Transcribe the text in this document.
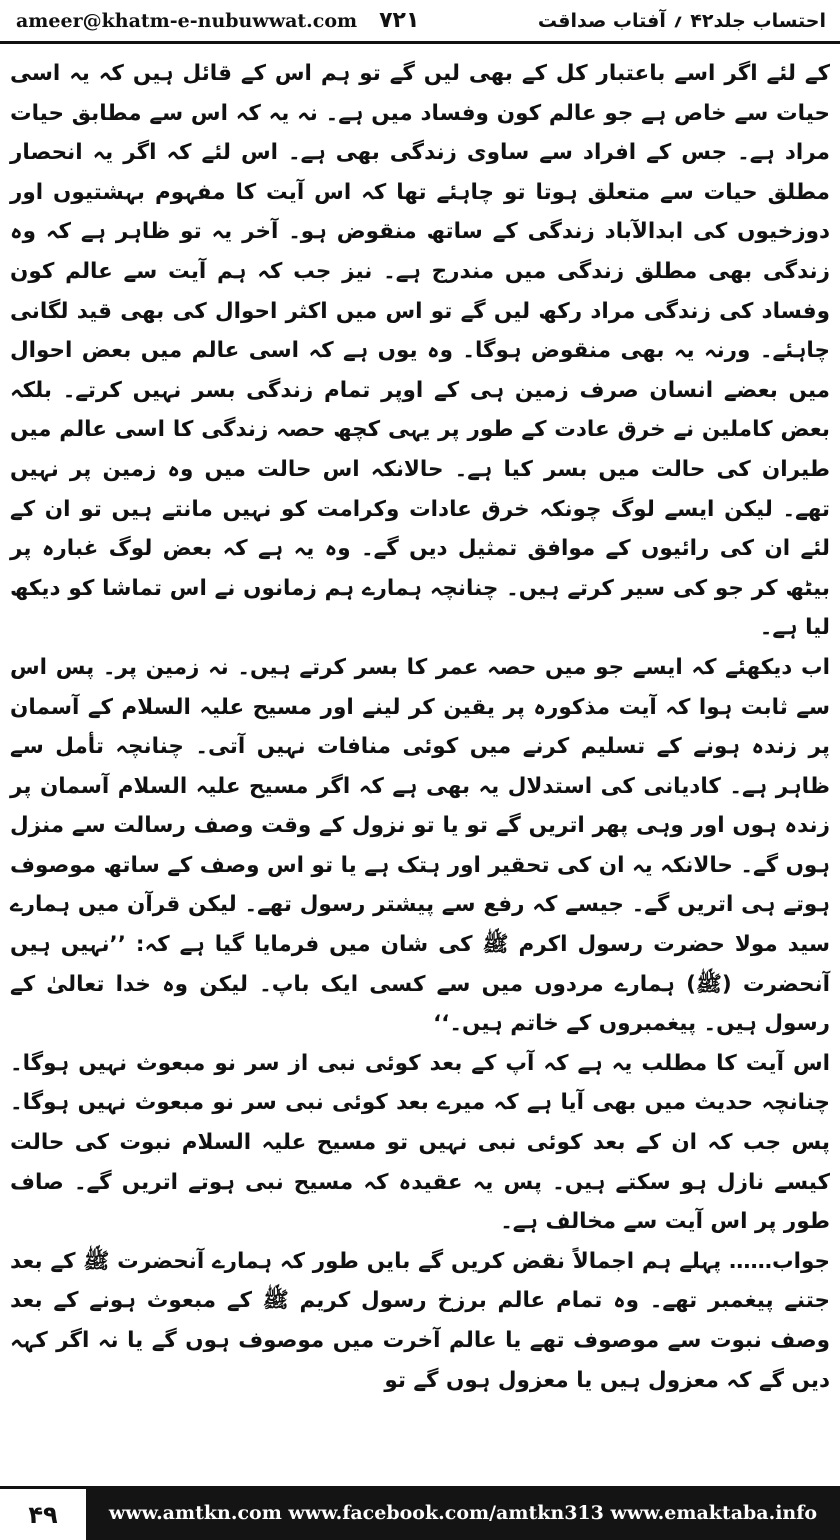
ameer@khatm-e-nubuwwat.com ۷۲۱	احتساب جلد۴۲ ؍ آفتاب صداقت

کے لئے اگر اسے باعتبار کل کے بھی لیں گے تو ہم اس کے قائل ہیں کہ یہ اسی حیات سے خاص ہے جو عالم کون وفساد میں ہے۔ نہ یہ کہ اس سے مطابق حیات مراد ہے۔ جس کے افراد سے ساوی زندگی بھی ہے۔ اس لئے کہ اگر یہ انحصار مطلق حیات سے متعلق ہوتا تو چاہئے تھا کہ اس آیت کا مفہوم بہشتیوں اور دوزخیوں کی ابدالآباد زندگی کے ساتھ منقوض ہو۔ آخر یہ تو ظاہر ہے کہ وہ زندگی بھی مطلق زندگی میں مندرج ہے۔ نیز جب کہ ہم آیت سے عالم کون وفساد کی زندگی مراد رکھ لیں گے تو اس میں اکثر احوال کی بھی قید لگانی چاہئے۔ ورنہ یہ بھی منقوض ہوگا۔ وہ یوں ہے کہ اسی عالم میں بعض احوال میں بعضے انسان صرف زمین ہی کے اوپر تمام زندگی بسر نہیں کرتے۔ بلکہ بعض کاملین نے خرق عادت کے طور پر یہی کچھ حصہ زندگی کا اسی عالم میں طیران کی حالت میں بسر کیا ہے۔ حالانکہ اس حالت میں وہ زمین پر نہیں تھے۔ لیکن ایسے لوگ چونکہ خرق عادات وکرامت کو نہیں مانتے ہیں تو ان کے لئے ان کی رائیوں کے موافق تمثیل دیں گے۔ وہ یہ ہے کہ بعض لوگ غبارہ پر بیٹھ کر جو کی سیر کرتے ہیں۔ چنانچہ ہمارے ہم زمانوں نے اس تماشا کو دیکھ لیا ہے۔

اب دیکھئے کہ ایسے جو میں حصہ عمر کا بسر کرتے ہیں۔ نہ زمین پر۔ پس اس سے ثابت ہوا کہ آیت مذکورہ پر یقین کر لینے اور مسیح علیہ السلام کے آسمان پر زندہ ہونے کے تسلیم کرنے میں کوئی منافات نہیں آتی۔ چنانچہ تأمل سے ظاہر ہے۔ کادیانی کی استدلال یہ بھی ہے کہ اگر مسیح علیہ السلام آسمان پر زندہ ہوں اور وہی پھر اتریں گے تو یا تو نزول کے وقت وصف رسالت سے منزل ہوں گے۔ حالانکہ یہ ان کی تحقیر اور ہتک ہے یا تو اس وصف کے ساتھ موصوف ہوتے ہی اتریں گے۔ جیسے کہ رفع سے پیشتر رسول تھے۔ لیکن قرآن میں ہمارے سید مولا حضرت رسول اکرم ﷺ کی شان میں فرمایا گیا ہے کہ: ’’نہیں ہیں آنحضرت (ﷺ) ہمارے مردوں میں سے کسی ایک باپ۔ لیکن وہ خدا تعالیٰ کے رسول ہیں۔ پیغمبروں کے خاتم ہیں۔‘‘

اس آیت کا مطلب یہ ہے کہ آپ کے بعد کوئی نبی از سر نو مبعوث نہیں ہوگا۔ چنانچہ حدیث میں بھی آیا ہے کہ میرے بعد کوئی نبی سر نو مبعوث نہیں ہوگا۔ پس جب کہ ان کے بعد کوئی نبی نہیں تو مسیح علیہ السلام نبوت کی حالت کیسے نازل ہو سکتے ہیں۔ پس یہ عقیدہ کہ مسیح نبی ہوتے اتریں گے۔ صاف طور پر اس آیت سے مخالف ہے۔

جواب…… پہلے ہم اجمالاً نقض کریں گے بایں طور کہ ہمارے آنحضرت ﷺ کے بعد جتنے پیغمبر تھے۔ وہ تمام عالم برزخ رسول کریم ﷺ کے مبعوث ہونے کے بعد وصف نبوت سے موصوف تھے یا عالم آخرت میں موصوف ہوں گے یا نہ اگر کہہ دیں گے کہ معزول ہیں یا معزول ہوں گے تو

۴۹	www.amtkn.com www.facebook.com/amtkn313 www.emaktaba.info
